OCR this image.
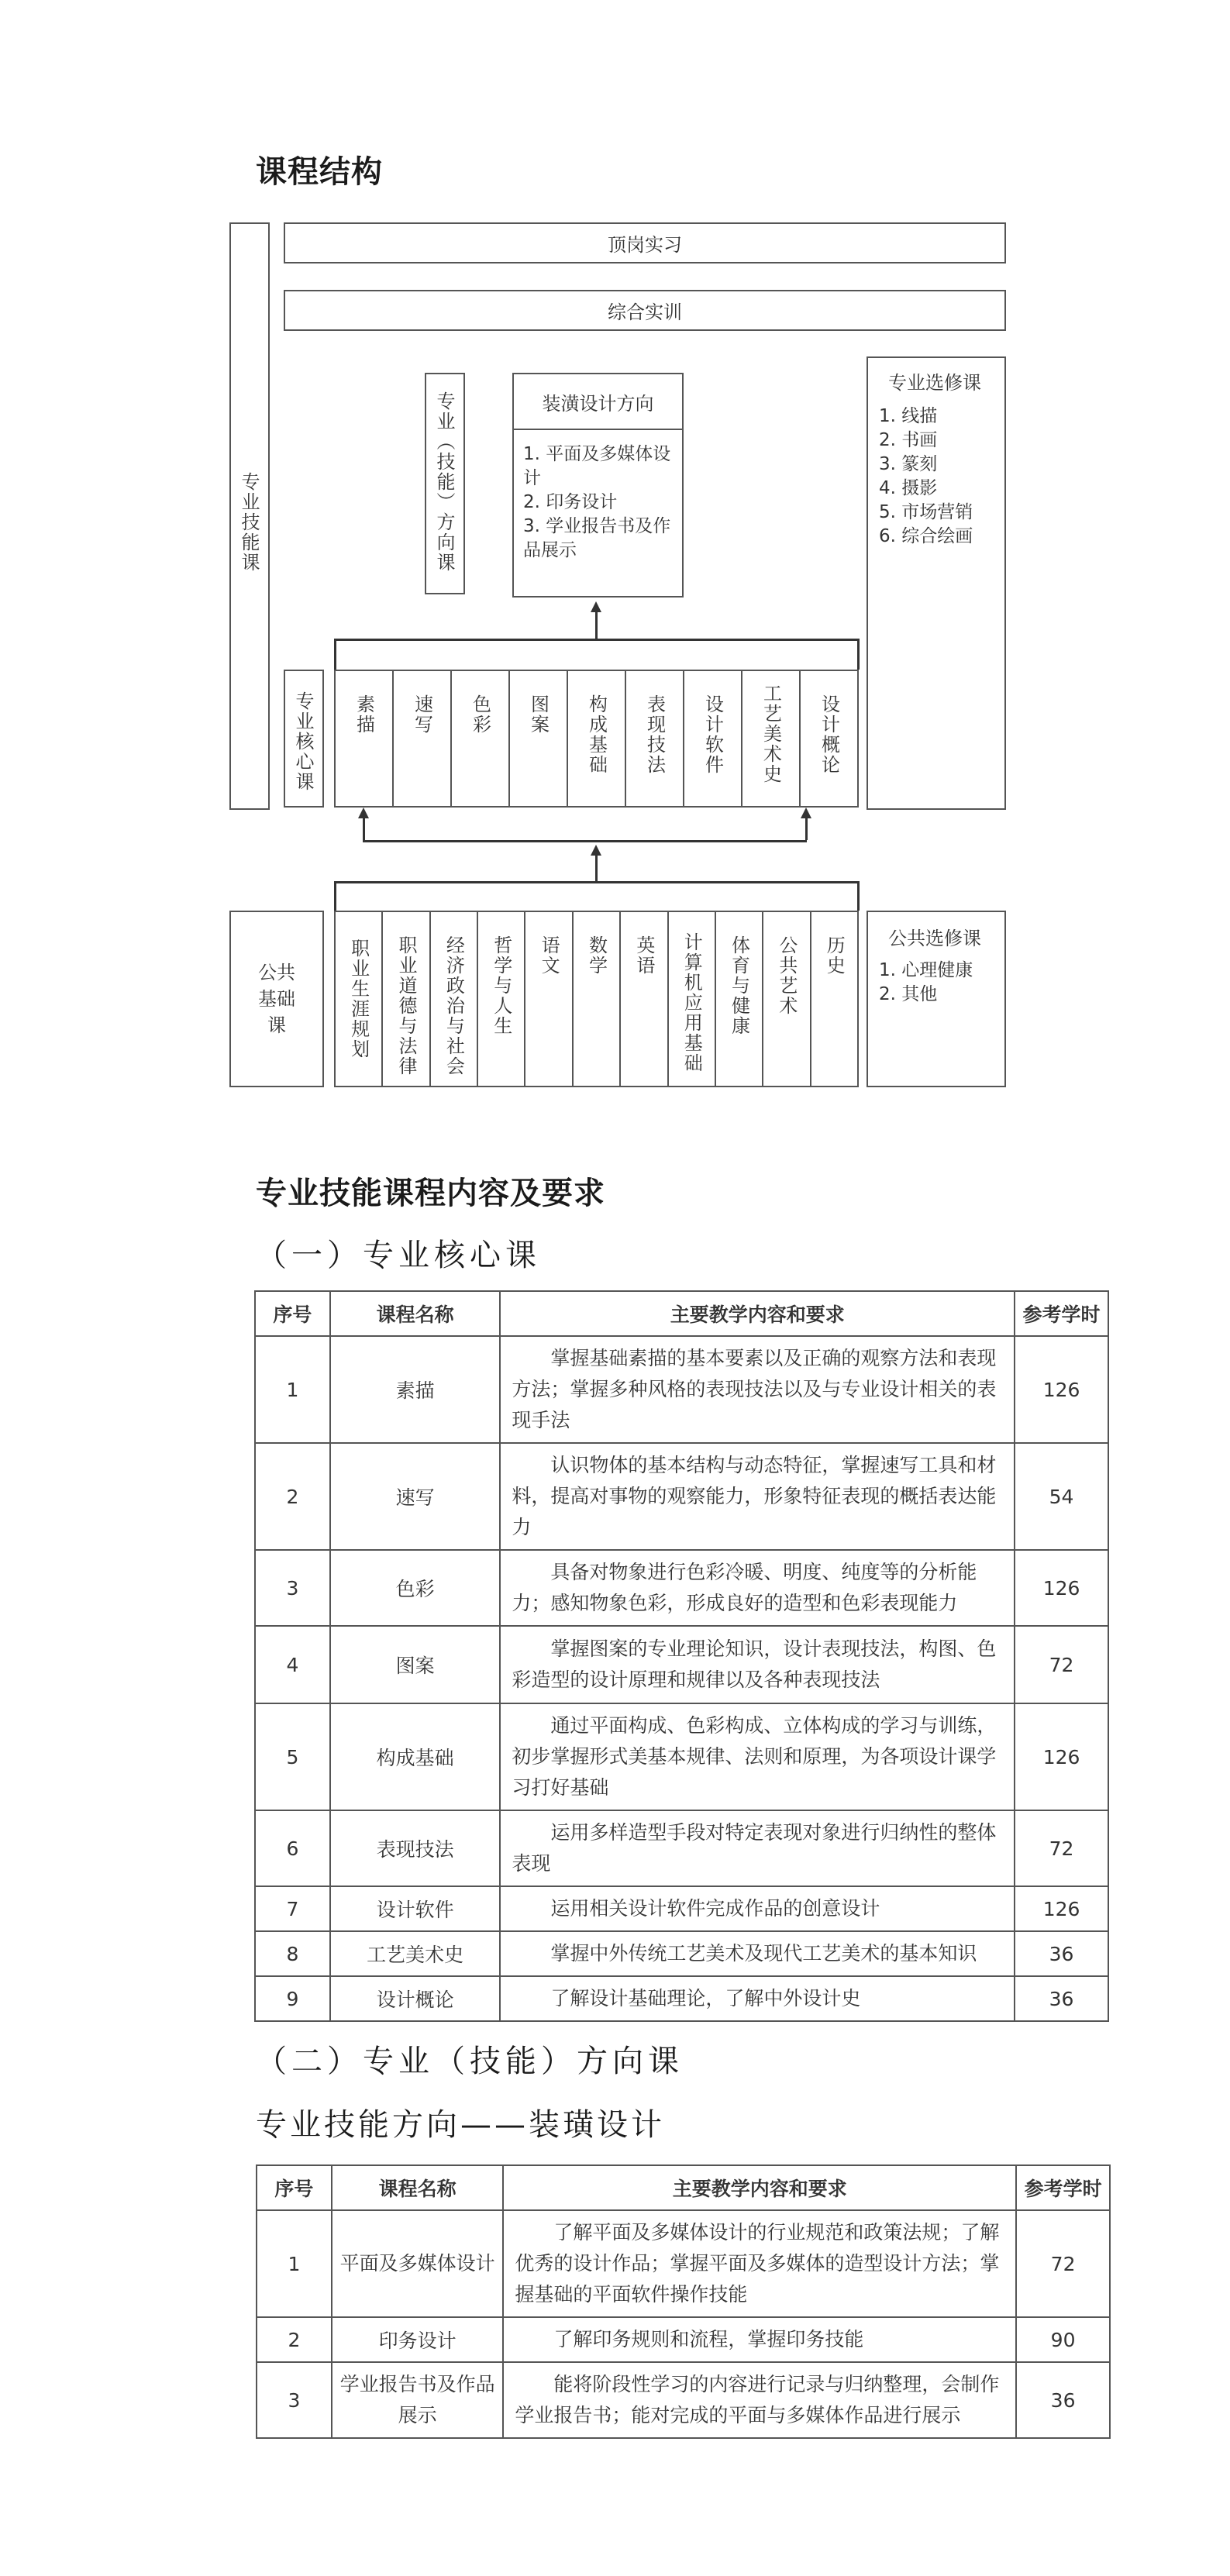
课程结构
专业技能课
顶岗实习
综合实训
专业（技能）方向课	装潢设计方向
1. 平面及多媒体设计
2. 印务设计
3. 学业报告书及作品展示
专业选修课
1. 线描
2. 书画
3. 篆刻
4. 摄影
5. 市场营销
6. 综合绘画
专业核心课 素描 速写 色彩 图案 构成基础 表现技法 设计软件 工艺美术史 设计概论
公共基础课	职业生涯规划 职业道德与法律 经济政治与社会 哲学与人生 语文 数学 英语 计算机应用基础 体育与健康 公共艺术 历史 公共选修课
1. 心理健康
2. 其他
专业技能课程内容及要求
（一）专业核心课
序号	课程名称	主要教学内容和要求	参考学时
1	素描	掌握基础素描的基本要素以及正确的观察方法和表现方法；掌握多种风格的表现技法以及与专业设计相关的表现手法	126
2	速写	认识物体的基本结构与动态特征，掌握速写工具和材料，提高对事物的观察能力，形象特征表现的概括表达能力	54
3	色彩	具备对物象进行色彩冷暖、明度、纯度等的分析能力；感知物象色彩，形成良好的造型和色彩表现能力	126
4	图案	掌握图案的专业理论知识，设计表现技法，构图、色彩造型的设计原理和规律以及各种表现技法	72
5	构成基础	通过平面构成、色彩构成、立体构成的学习与训练，初步掌握形式美基本规律、法则和原理，为各项设计课学习打好基础	126
6	表现技法	运用多样造型手段对特定表现对象进行归纳性的整体表现	72
7	设计软件	运用相关设计软件完成作品的创意设计	126
8	工艺美术史	掌握中外传统工艺美术及现代工艺美术的基本知识	36
9	设计概论	了解设计基础理论，了解中外设计史	36
（二）专业（技能）方向课
专业技能方向——装璜设计
序号	课程名称	主要教学内容和要求	参考学时
1	平面及多媒体设计	了解平面及多媒体设计的行业规范和政策法规；了解优秀的设计作品；掌握平面及多媒体的造型设计方法；掌握基础的平面软件操作技能	72
2	印务设计	了解印务规则和流程，掌握印务技能	90
3	学业报告书及作品展示	能将阶段性学习的内容进行记录与归纳整理，会制作学业报告书；能对完成的平面与多媒体作品进行展示	36
